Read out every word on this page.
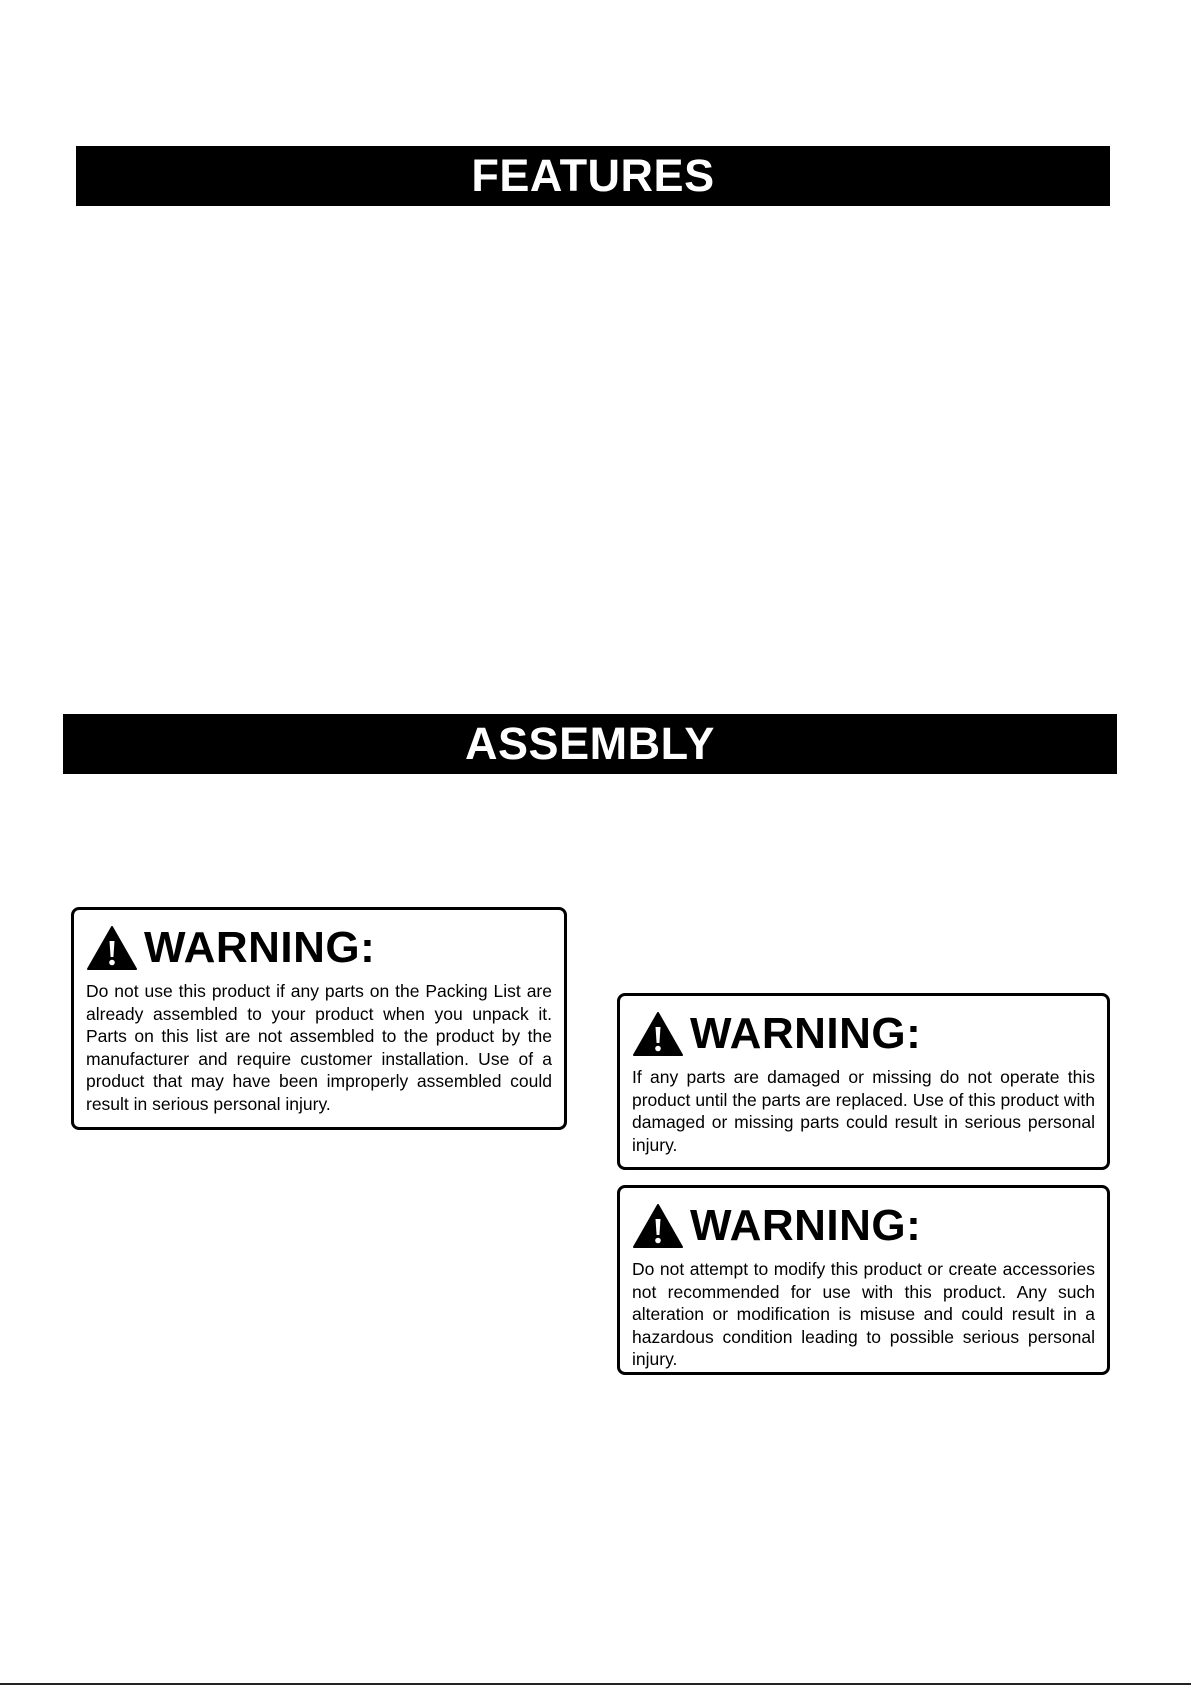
FEATURES
ASSEMBLY
WARNING:
Do not use this product if any parts on the Packing List are already assembled to your product when you unpack it. Parts on this list are not assembled to the product by the manufacturer and require customer installation. Use of a product that may have been improperly assembled could result in serious personal injury.
WARNING:
If any parts are damaged or missing do not operate this product until the parts are replaced. Use of this product with damaged or missing parts could result in serious personal injury.
WARNING:
Do not attempt to modify this product or create accessories not recommended for use with this product. Any such alteration or modification is misuse and could result in a hazardous condition leading to possible serious personal injury.
